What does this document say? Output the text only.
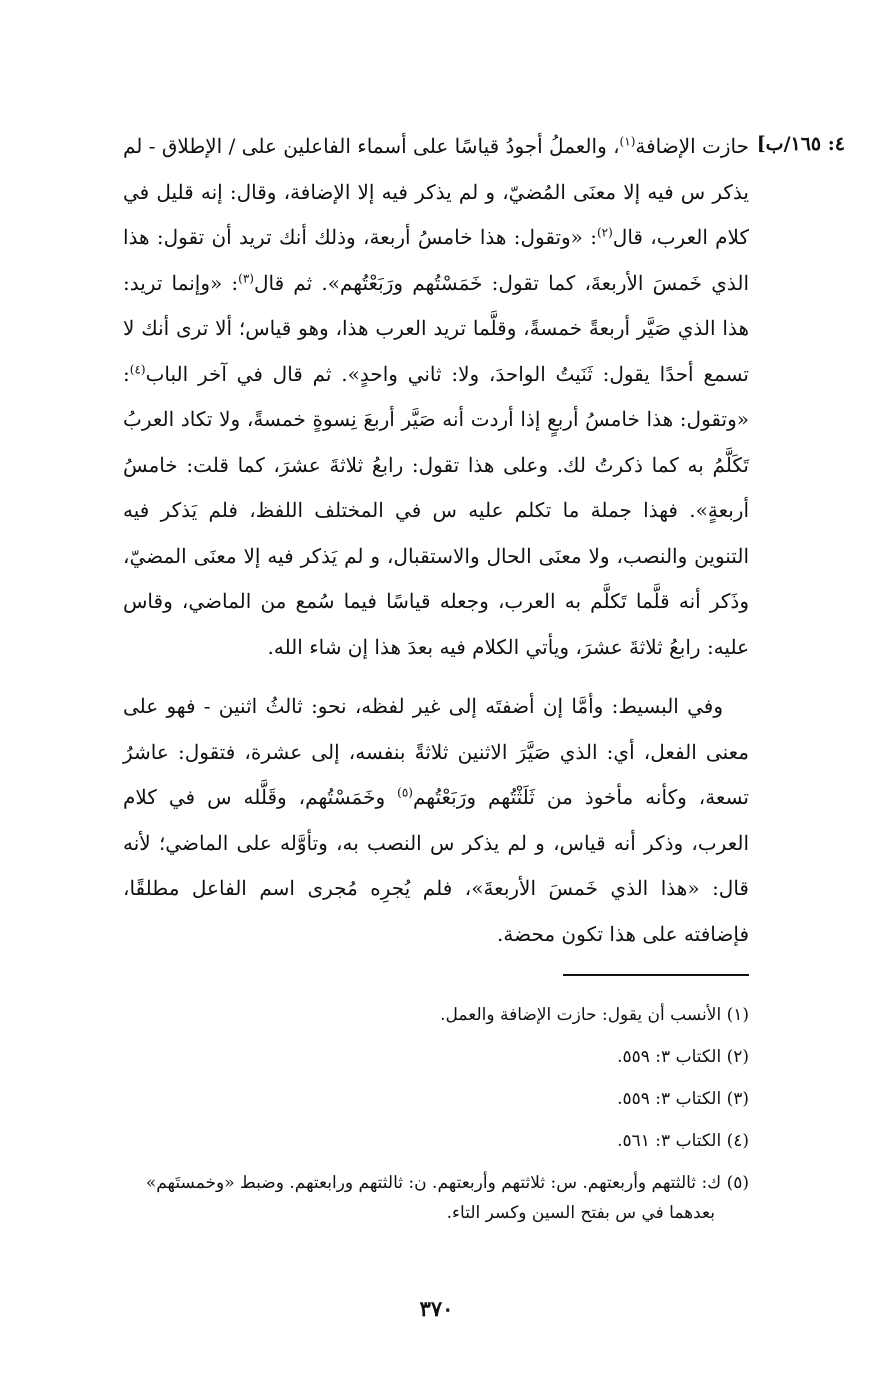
٤: ١٦٥/ب]

حازت الإضافة$^{(١)}$، والعملُ أجودُ قياسًا على أسماء الفاعلين على / الإطلاق - لم يذكر س فيه إلا معنَى المُضيّ، و لم يذكر فيه إلا الإضافة، وقال: إنه قليل في كلام العرب، قال$^{(٢)}$: «وتقول: هذا خامسُ أربعة، وذلك أنك تريد أن تقول: هذا الذي خَمسَ الأربعةَ، كما تقول: خَمَسْتُهم ورَبَعْتُهم». ثم قال$^{(٣)}$: «وإنما تريد: هذا الذي صَيَّر أربعةً خمسةً، وقلَّما تريد العرب هذا، وهو قياس؛ ألا ترى أنك لا تسمع أحدًا يقول: ثَنَيتُ الواحدَ، ولا: ثاني واحدٍ». ثم قال في آخر الباب$^{(٤)}$: «وتقول: هذا خامسُ أربعٍ إذا أردت أنه صَيَّر أربعَ نِسوةٍ خمسةً، ولا تكاد العربُ تَكَلَّمُ به كما ذكرتُ لك. وعلى هذا تقول: رابعُ ثلاثةَ عشرَ، كما قلت: خامسُ أربعةٍ». فهذا جملة ما تكلم عليه س في المختلف اللفظ، فلم يَذكر فيه التنوين والنصب، ولا معنَى الحال والاستقبال، و لم يَذكر فيه إلا معنَى المضيّ، وذَكر أنه قلَّما تَكلَّم به العرب، وجعله قياسًا فيما سُمع من الماضي، وقاس عليه: رابعُ ثلاثةَ عشرَ، ويأتي الكلام فيه بعدَ هذا إن شاء الله.

وفي البسيط: وأمَّا إن أضفتَه إلى غير لفظه، نحو: ثالثُ اثنين - فهو على معنى الفعل، أي: الذي صَيَّرَ الاثنين ثلاثةً بنفسه، إلى عشرة، فتقول: عاشرُ تسعة، وكأنه مأخوذ من ثَلَثْتُهم ورَبَعْتُهم$^{(٥)}$ وخَمَسْتُهم، وقَلَّله س في كلام العرب، وذكر أنه قياس، و لم يذكر س النصب به، وتأوَّله على الماضي؛ لأنه قال: «هذا الذي خَمسَ الأربعةَ»، فلم يُجرِه مُجرى اسم الفاعل مطلقًا، فإضافته على هذا تكون محضة.

(١) الأنسب أن يقول: حازت الإضافة والعمل.

(٢) الكتاب ٣: ٥٥٩.

(٣) الكتاب ٣: ٥٥٩.

(٤) الكتاب ٣: ٥٦١.

(٥) ك: ثالثتهم وأربعتهم. س: ثلاثتهم وأربعتهم. ن: ثالثتهم ورابعتهم. وضبط «وخمستَهم»

بعدهما في س بفتح السين وكسر التاء.

٣٧٠
